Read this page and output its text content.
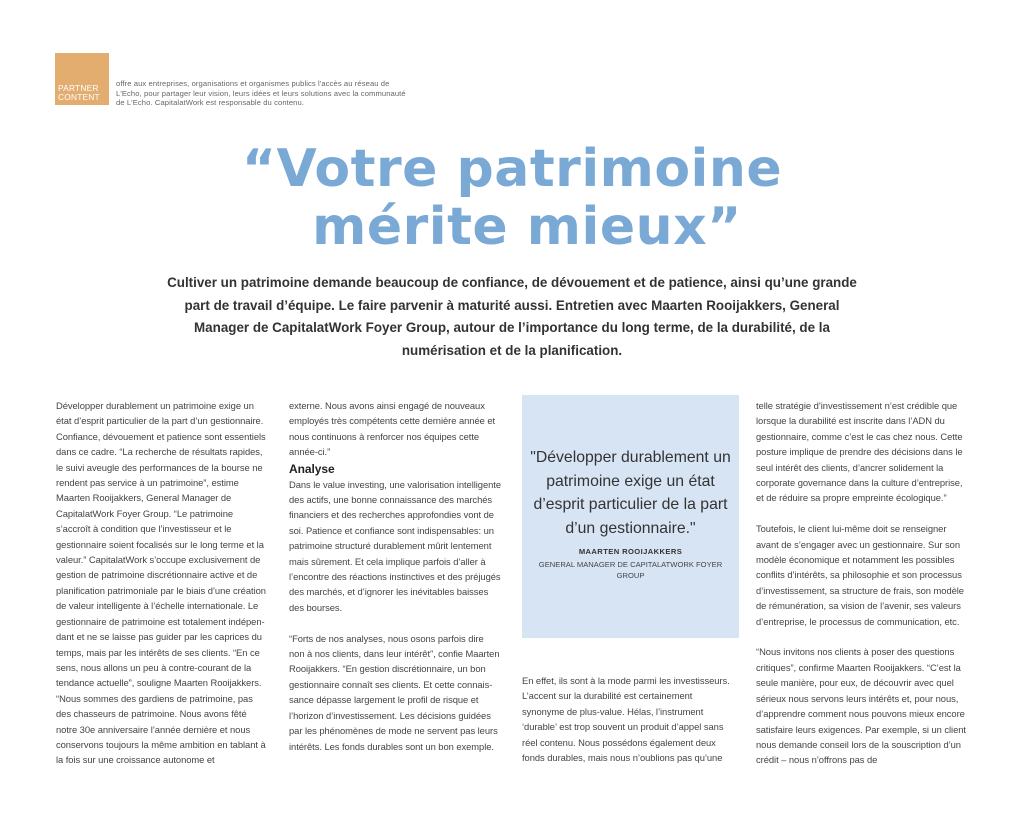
PARTNER
CONTENT
offre aux entreprises, organisations et organismes publics l'accès au réseau de L'Echo, pour partager leur vision, leurs idées et leurs solutions avec la communauté de L'Echo. CapitalatWork est responsable du contenu.
“Votre patrimoine
mérite mieux”
Cultiver un patrimoine demande beaucoup de confiance, de dévouement et de patience, ainsi qu’une grande part de travail d’équipe. Le faire parvenir à maturité aussi. Entretien avec Maarten Rooijakkers, General Manager de CapitalatWork Foyer Group, autour de l’importance du long terme, de la durabilité, de la numérisation et de la planification.

Développer durablement un patrimoine exige un état d’esprit particulier de la part d’un gestionnaire. Confiance, dévouement et patience sont essentiels dans ce cadre. “La recherche de résultats rapides, le suivi aveugle des performances de la bourse ne rendent pas service à un patrimoine”, estime Maarten Rooijakkers, General Manager de CapitalatWork Foyer Group. “Le patrimoine s’accroît à condition que l’investisseur et le gestionnaire soient focalisés sur le long terme et la valeur.” CapitalatWork s’occupe exclusivement de gestion de patrimoine discrétionnaire active et de planification patrimoniale par le biais d’une création de valeur intelligente à l’échelle internationale. Le gestionnaire de patrimoine est totalement indépendant et ne se laisse pas guider par les caprices du temps, mais par les intérêts de ses clients. “En ce sens, nous allons un peu à contre-courant de la tendance actuelle”, souligne Maarten Rooijakkers. “Nous sommes des gardiens de patrimoine, pas des chasseurs de patrimoine. Nous avons fêté notre 30e anniversaire l’année dernière et nous conservons toujours la même ambition en tablant à la fois sur une croissance autonome et

externe. Nous avons ainsi engagé de nouveaux employés très compétents cette dernière année et nous continuons à renforcer nos équipes cette année-ci.”

Analyse

Dans le value investing, une valorisation intelligente des actifs, une bonne connaissance des marchés financiers et des recherches approfondies vont de soi. Patience et confiance sont indispensables: un patrimoine structuré durablement mûrit lentement mais sûrement. Et cela implique parfois d’aller à l’encontre des réactions instinctives et des préjugés des marchés, et d’ignorer les inévitables baisses des bourses.

“Forts de nos analyses, nous osons parfois dire non à nos clients, dans leur intérêt”, confie Maarten Rooijakkers. “En gestion discrétionnaire, un bon gestionnaire connaît ses clients. Et cette connaissance dépasse largement le profil de risque et l’horizon d’investissement. Les décisions guidées par les phénomènes de mode ne servent pas leurs intérêts. Les fonds durables sont un bon exemple.

"Développer durablement un patrimoine exige un état d’esprit particulier de la part d’un gestionnaire."
MAARTEN ROOIJAKKERS
GENERAL MANAGER DE CAPITALATWORK FOYER GROUP

En effet, ils sont à la mode parmi les investisseurs. L’accent sur la durabilité est certainement synonyme de plus-value. Hélas, l’instrument ‘durable’ est trop souvent un produit d’appel sans réel contenu. Nous possédons également deux fonds durables, mais nous n’oublions pas qu’une

telle stratégie d’investissement n’est crédible que lorsque la durabilité est inscrite dans l’ADN du gestionnaire, comme c’est le cas chez nous. Cette posture implique de prendre des décisions dans le seul intérêt des clients, d’ancrer solidement la corporate governance dans la culture d’entreprise, et de réduire sa propre empreinte écologique.”

Toutefois, le client lui-même doit se renseigner avant de s’engager avec un gestionnaire. Sur son modèle économique et notamment les possibles conflits d’intérêts, sa philosophie et son processus d’investissement, sa structure de frais, son modèle de rémunération, sa vision de l’avenir, ses valeurs d’entreprise, le processus de communication, etc.

“Nous invitons nos clients à poser des questions critiques”, confirme Maarten Rooijakkers. “C’est la seule manière, pour eux, de découvrir avec quel sérieux nous servons leurs intérêts et, pour nous, d’apprendre comment nous pouvons mieux encore satisfaire leurs exigences. Par exemple, si un client nous demande conseil lors de la souscription d’un crédit – nous n’offrons pas de
